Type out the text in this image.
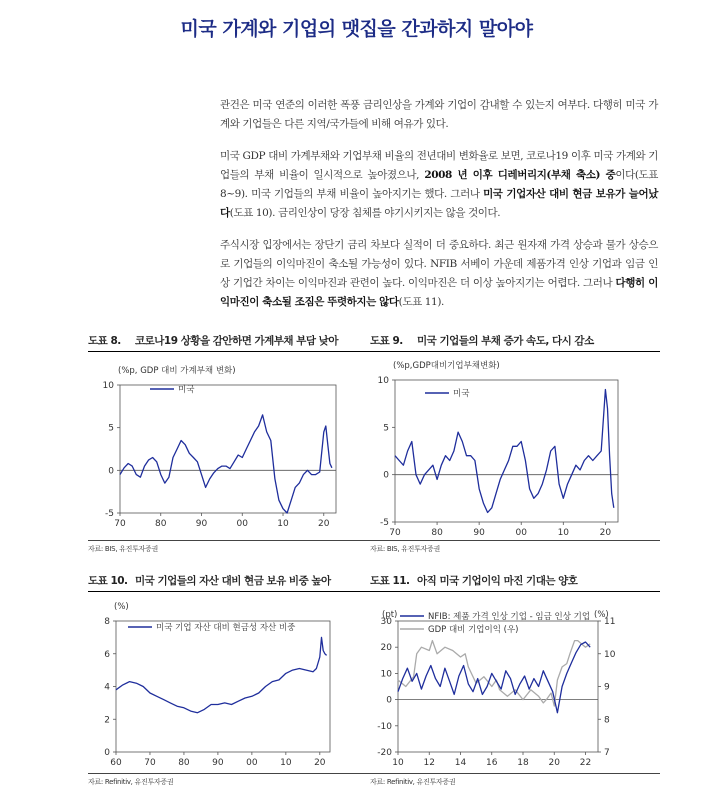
미국 가계와 기업의 맷집을 간과하지 말아야

관건은 미국 연준의 이러한 폭풍 금리인상을 가계와 기업이 감내할 수 있는지 여부다. 다행히 미국 가계와 기업들은 다른 지역/국가들에 비해 여유가 있다.

미국 GDP 대비 가계부채와 기업부채 비율의 전년대비 변화율로 보면, 코로나19 이후 미국 가계와 기업들의 부채 비율이 일시적으로 높아졌으나, 2008 년 이후 디레버리지(부채 축소) 중이다(도표 8~9). 미국 기업들의 부채 비율이 높아지기는 했다. 그러나 미국 기업자산 대비 현금 보유가 늘어났다(도표 10). 금리인상이 당장 침체를 야기시키지는 않을 것이다.

주식시장 입장에서는 장단기 금리 차보다 실적이 더 중요하다. 최근 원자재 가격 상승과 물가 상승으로 기업들의 이익마진이 축소될 가능성이 있다. NFIB 서베이 가운데 제품가격 인상 기업과 임금 인상 기업간 차이는 이익마진과 관련이 높다. 이익마진은 더 이상 높아지기는 어렵다. 그러나 다행히 이익마진이 축소될 조짐은 뚜렷하지는 않다(도표 11).

도표 8. 코로나19 상황을 감안하면 가계부채 부담 낮아
자료: BIS, 유진투자증권
(%p, GDP 대비 가계부채 변화)
10
5
0
-5
70	80	90	00	10	20
미국
도표 9. 미국 기업들의 부채 증가 속도, 다시 감소
자료: BIS, 유진투자증권
(%p,GDP대비기업부채변화)
10
5
0
-5
70	80	90	00	10	20
미국
도표 10. 미국 기업들의 자산 대비 현금 보유 비중 높아
자료: Refinitiv, 유진투자증권
(%)
8
6
4
2
0
60	70	80	90	00	10	20
미국 기업 자산 대비 현금성 자산 비중
도표 11. 아직 미국 기업이익 마진 기대는 양호
자료: Refinitiv, 유진투자증권
(pt)	(%)
30
20
10
0
-10
-20
11
10
9
8
7
10 12 14 16 18 20 22
NFIB: 제품 가격 인상 기업 - 임금 인상 기업
GDP 대비 기업이익 (우)
